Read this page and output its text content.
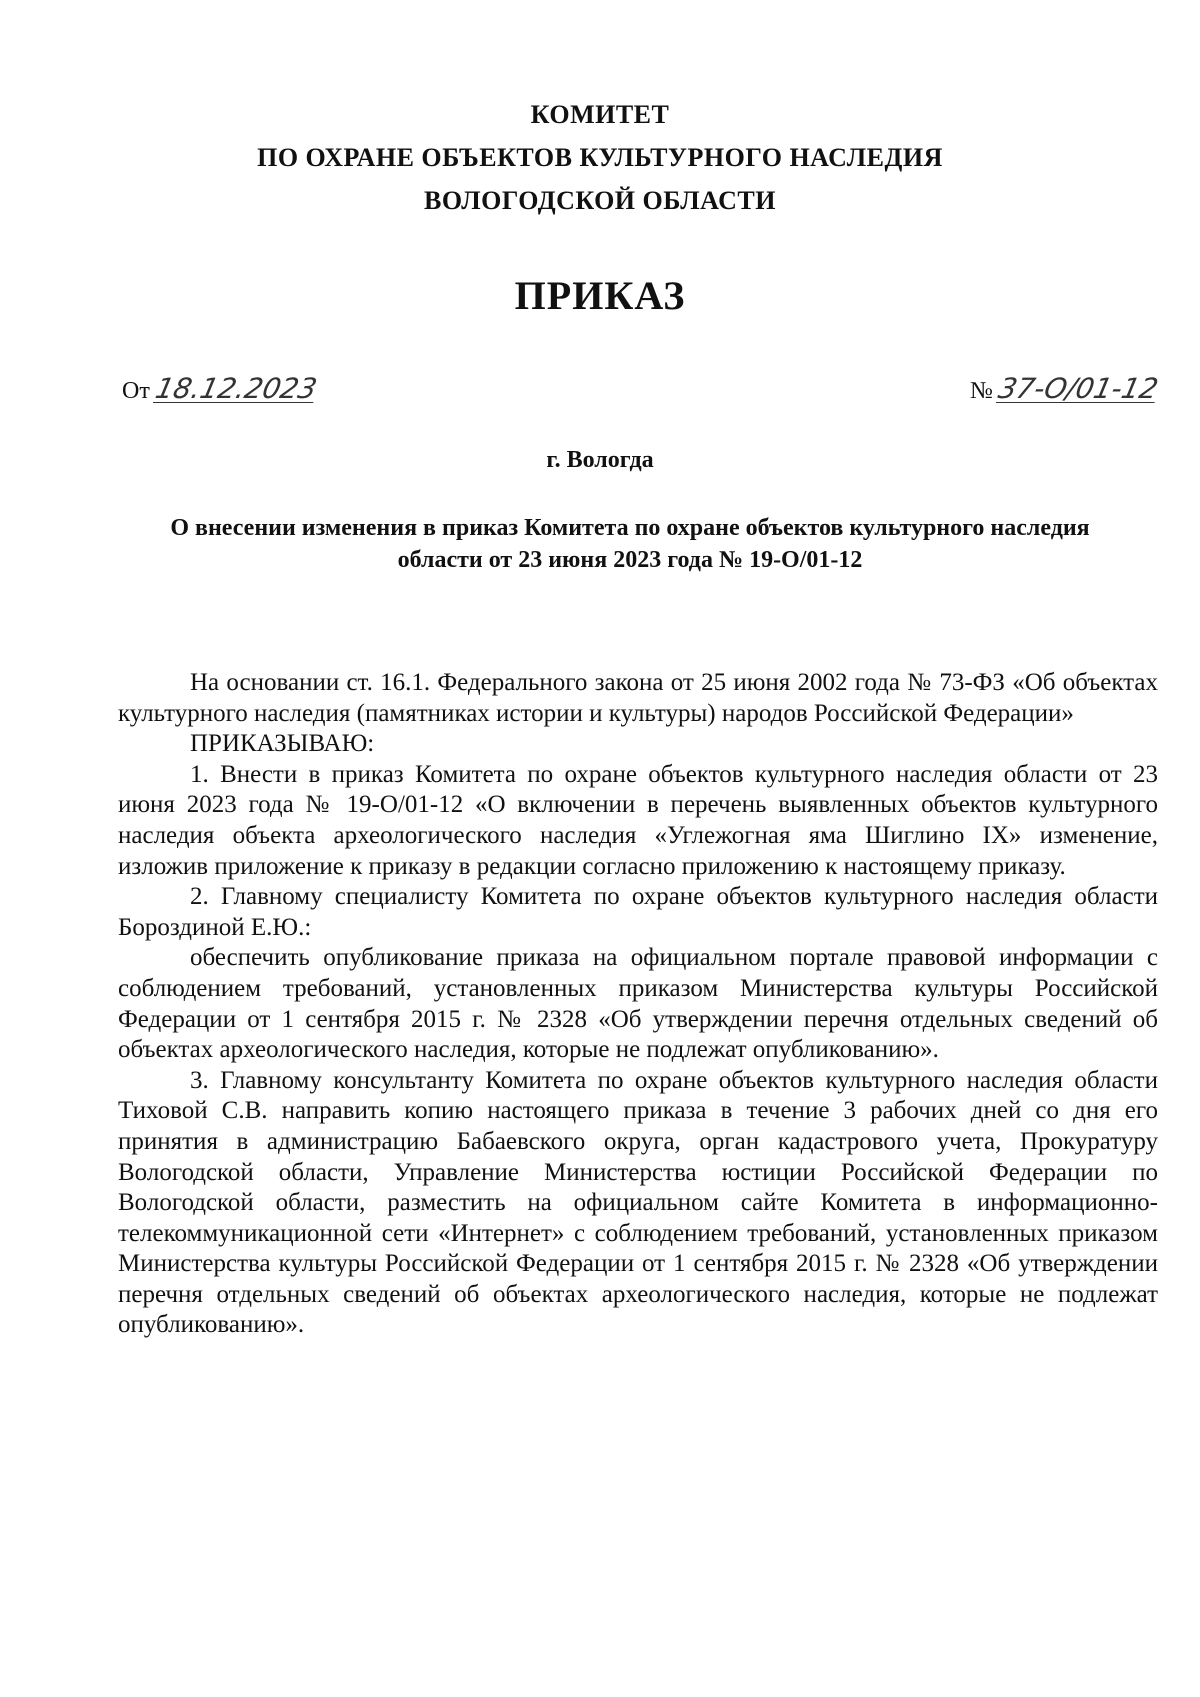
КОМИТЕТ
ПО ОХРАНЕ ОБЪЕКТОВ КУЛЬТУРНОГО НАСЛЕДИЯ
ВОЛОГОДСКОЙ ОБЛАСТИ
ПРИКАЗ
От 18.12.2023	№ 37-О/01-12
г. Вологда
О внесении изменения в приказ Комитета по охране объектов культурного наследия области от 23 июня 2023 года № 19-О/01-12

На основании ст. 16.1. Федерального закона от 25 июня 2002 года № 73-ФЗ «Об объектах культурного наследия (памятниках истории и культуры) народов Российской Федерации»

ПРИКАЗЫВАЮ:

1. Внести в приказ Комитета по охране объектов культурного наследия области от 23 июня 2023 года № 19-О/01-12 «О включении в перечень выявленных объектов культурного наследия объекта археологического наследия «Углежогная яма Шиглино IX» изменение, изложив приложение к приказу в редакции согласно приложению к настоящему приказу.

2. Главному специалисту Комитета по охране объектов культурного наследия области Бороздиной Е.Ю.:

обеспечить опубликование приказа на официальном портале правовой информации с соблюдением требований, установленных приказом Министерства культуры Российской Федерации от 1 сентября 2015 г. № 2328 «Об утверждении перечня отдельных сведений об объектах археологического наследия, которые не подлежат опубликованию».

3. Главному консультанту Комитета по охране объектов культурного наследия области Тиховой С.В. направить копию настоящего приказа в течение 3 рабочих дней со дня его принятия в администрацию Бабаевского округа, орган кадастрового учета, Прокуратуру Вологодской области, Управление Министерства юстиции Российской Федерации по Вологодской области, разместить на официальном сайте Комитета в информационно-телекоммуникационной сети «Интернет» с соблюдением требований, установленных приказом Министерства культуры Российской Федерации от 1 сентября 2015 г. № 2328 «Об утверждении перечня отдельных сведений об объектах археологического наследия, которые не подлежат опубликованию».
